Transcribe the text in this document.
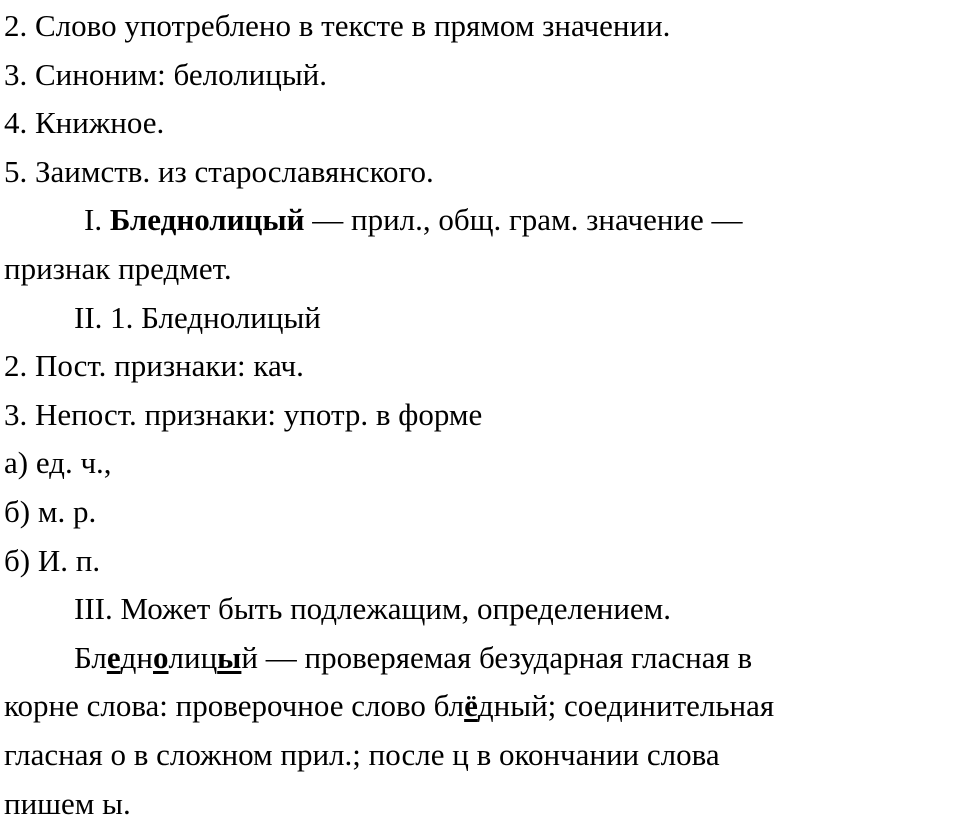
2. Слово употреблено в тексте в прямом значении.
3. Синоним: белолицый.
4. Книжное.
5. Заимств. из старославянского.
I. Бледнолицый — прил., общ. грам. значение —
признак предмет.
II. 1. Бледнолицый
2. Пост. признаки: кач.
3. Непост. признаки: употр. в форме
а) ед. ч.,
б) м. р.
б) И. п.
III. Может быть подлежащим, определением.
Бледнолицый — проверяемая безударная гласная в
корне слова: проверочное слово блёдный; соединительная
гласная о в сложном прил.; после ц в окончании слова
пишем ы.
